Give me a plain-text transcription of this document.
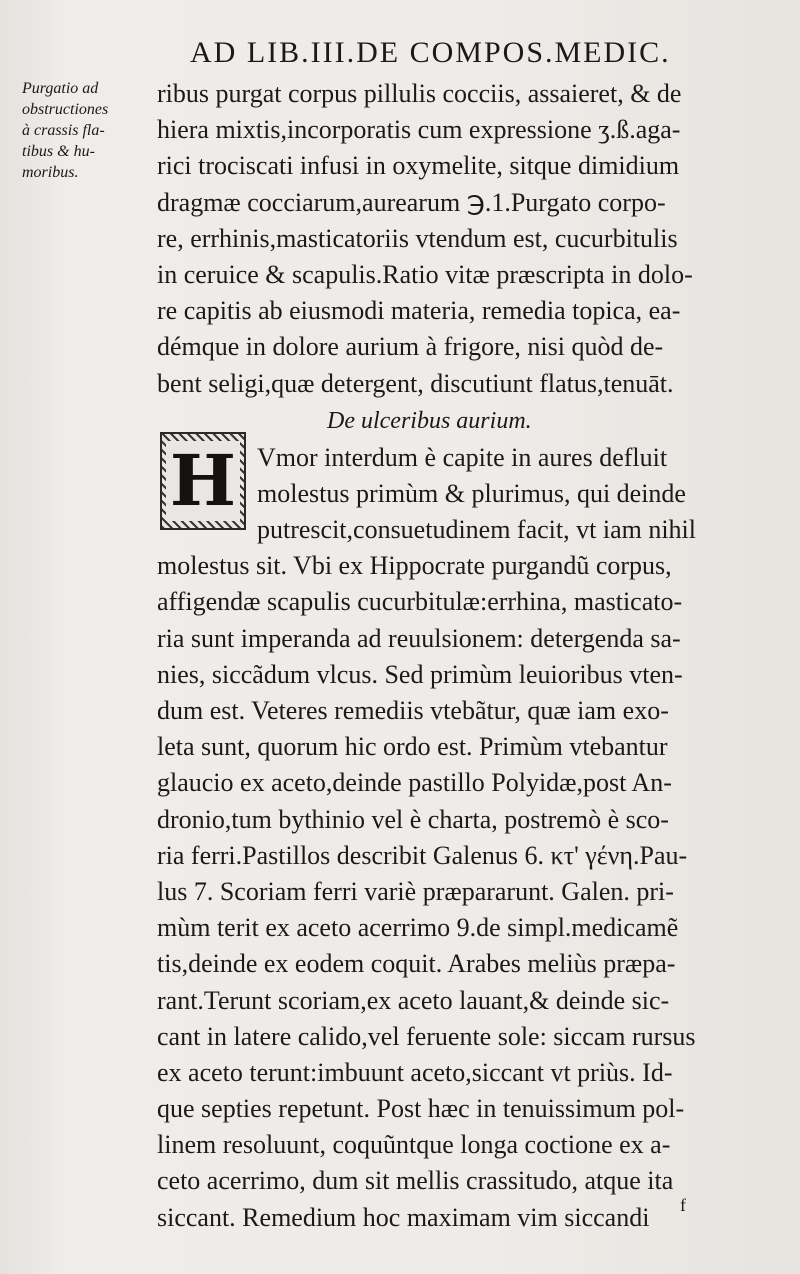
AD LIB.III.DE COMPOS.MEDIC.
Purgatio ad
obstructiones
à crassis fla-
tibus & hu-
moribus.
ribus purgat corpus pillulis cocciis, assaieret, & de
hiera mixtis,incorporatis cum expressione ʒ.ß.aga-
rici trociscati infusi in oxymelite, sitque dimidium
dragmæ cocciarum,aurearum ℈.1.Purgato corpo-
re, errhinis,masticatoriis vtendum est, cucurbitulis
in ceruice & scapulis.Ratio vitæ præscripta in dolo-
re capitis ab eiusmodi materia, remedia topica, ea-
démque in dolore aurium à frigore, nisi quòd de-
bent seligi,quæ detergent, discutiunt flatus,tenuāt.
De ulceribus aurium.
Vmor interdum è capite in aures defluit
molestus primùm & plurimus, qui deinde
putrescit,consuetudinem facit, vt iam nihil
molestus sit. Vbi ex Hippocrate purgandũ corpus,
affigendæ scapulis cucurbitulæ:errhina, masticato-
ria sunt imperanda ad reuulsionem: detergenda sa-
nies, siccãdum vlcus. Sed primùm leuioribus vten-
dum est. Veteres remediis vtebãtur, quæ iam exo-
leta sunt, quorum hic ordo est. Primùm vtebantur
glaucio ex aceto,deinde pastillo Polyidæ,post An-
dronio,tum bythinio vel è charta, postremò è sco-
ria ferri.Pastillos describit Galenus 6. κτ' γένη.Pau-
lus 7. Scoriam ferri variè præpararunt. Galen. pri-
mùm terit ex aceto acerrimo 9.de simpl.medicamẽ
tis,deinde ex eodem coquit. Arabes meliùs præpa-
rant.Terunt scoriam,ex aceto lauant,& deinde sic-
cant in latere calido,vel feruente sole: siccam rursus
ex aceto terunt:imbuunt aceto,siccant vt priùs. Id-
que septies repetunt. Post hæc in tenuissimum pol-
linem resoluunt, coquũntque longa coctione ex a-
ceto acerrimo, dum sit mellis crassitudo, atque ita
siccant. Remedium hoc maximam vim siccandi
H
f
